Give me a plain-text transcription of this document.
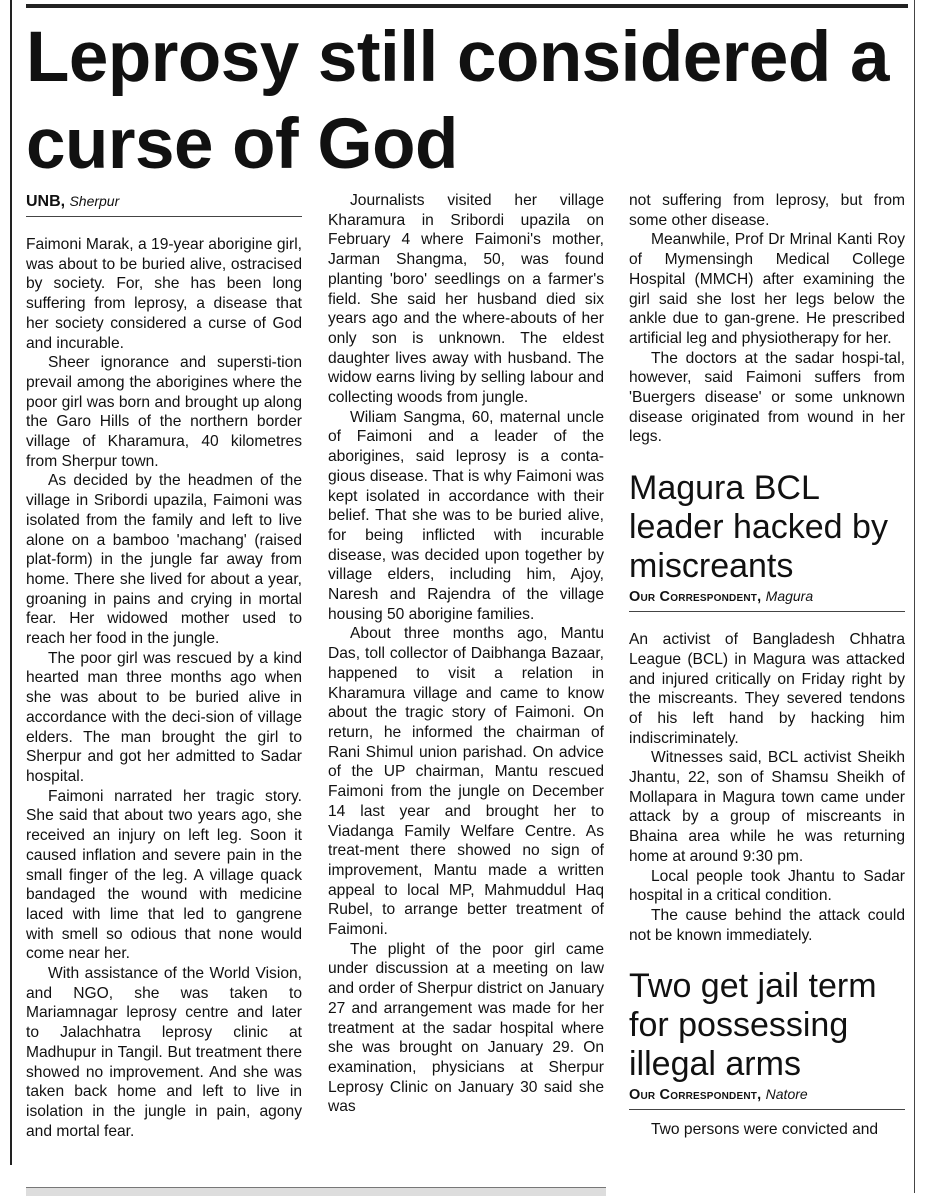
Leprosy still considered a curse of God
UNB, Sherpur

Faimoni Marak, a 19-year aborigine girl, was about to be buried alive, ostracised by society. For, she has been long suffering from leprosy, a disease that her society considered a curse of God and incurable.

Sheer ignorance and supersti-tion prevail among the aborigines where the poor girl was born and brought up along the Garo Hills of the northern border village of Kharamura, 40 kilometres from Sherpur town.

As decided by the headmen of the village in Sribordi upazila, Faimoni was isolated from the family and left to live alone on a bamboo 'machang' (raised plat-form) in the jungle far away from home. There she lived for about a year, groaning in pains and crying in mortal fear. Her widowed mother used to reach her food in the jungle.

The poor girl was rescued by a kind hearted man three months ago when she was about to be buried alive in accordance with the deci-sion of village elders. The man brought the girl to Sherpur and got her admitted to Sadar hospital.

Faimoni narrated her tragic story. She said that about two years ago, she received an injury on left leg. Soon it caused inflation and severe pain in the small finger of the leg. A village quack bandaged the wound with medicine laced with lime that led to gangrene with smell so odious that none would come near her.

With assistance of the World Vision, and NGO, she was taken to Mariamnagar leprosy centre and later to Jalachhatra leprosy clinic at Madhupur in Tangil. But treatment there showed no improvement. And she was taken back home and left to live in isolation in the jungle in pain, agony and mortal fear.

Journalists visited her village Kharamura in Sribordi upazila on February 4 where Faimoni's mother, Jarman Shangma, 50, was found planting 'boro' seedlings on a farmer's field. She said her husband died six years ago and the where-abouts of her only son is unknown. The eldest daughter lives away with husband. The widow earns living by selling labour and collecting woods from jungle.

Wiliam Sangma, 60, maternal uncle of Faimoni and a leader of the aborigines, said leprosy is a conta-gious disease. That is why Faimoni was kept isolated in accordance with their belief. That she was to be buried alive, for being inflicted with incurable disease, was decided upon together by village elders, including him, Ajoy, Naresh and Rajendra of the village housing 50 aborigine families.

About three months ago, Mantu Das, toll collector of Daibhanga Bazaar, happened to visit a relation in Kharamura village and came to know about the tragic story of Faimoni. On return, he informed the chairman of Rani Shimul union parishad. On advice of the UP chairman, Mantu rescued Faimoni from the jungle on December 14 last year and brought her to Viadanga Family Welfare Centre. As treat-ment there showed no sign of improvement, Mantu made a written appeal to local MP, Mahmuddul Haq Rubel, to arrange better treatment of Faimoni.

The plight of the poor girl came under discussion at a meeting on law and order of Sherpur district on January 27 and arrangement was made for her treatment at the sadar hospital where she was brought on January 29. On examination, physicians at Sherpur Leprosy Clinic on January 30 said she was

not suffering from leprosy, but from some other disease.

Meanwhile, Prof Dr Mrinal Kanti Roy of Mymensingh Medical College Hospital (MMCH) after examining the girl said she lost her legs below the ankle due to gan-grene. He prescribed artificial leg and physiotherapy for her.

The doctors at the sadar hospi-tal, however, said Faimoni suffers from 'Buergers disease' or some unknown disease originated from wound in her legs.

Magura BCL leader hacked by miscreants
Our Correspondent, Magura

An activist of Bangladesh Chhatra League (BCL) in Magura was attacked and injured critically on Friday right by the miscreants. They severed tendons of his left hand by hacking him indiscriminately.

Witnesses said, BCL activist Sheikh Jhantu, 22, son of Shamsu Sheikh of Mollapara in Magura town came under attack by a group of miscreants in Bhaina area while he was returning home at around 9:30 pm.

Local people took Jhantu to Sadar hospital in a critical condition.

The cause behind the attack could not be known immediately.

Two get jail term for possessing illegal arms
Our Correspondent, Natore

Two persons were convicted and
